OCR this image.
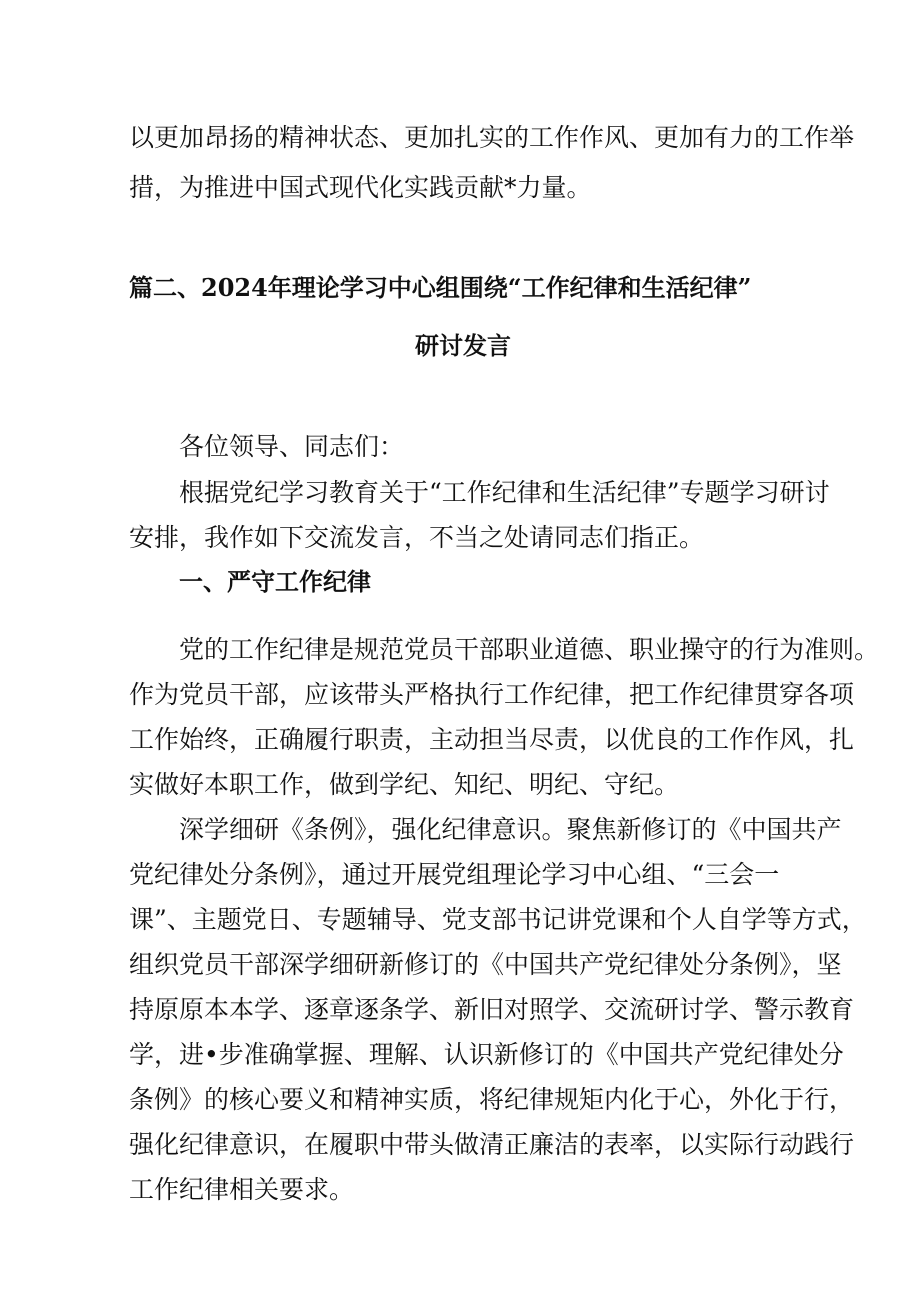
以更加昂扬的精神状态、更加扎实的工作作风、更加有力的工作举
措，为推进中国式现代化实践贡献*力量。
篇二、2024年理论学习中心组围绕“工作纪律和生活纪律”
研讨发言
各位领导、同志们：
根据党纪学习教育关于“工作纪律和生活纪律”专题学习研讨
安排，我作如下交流发言，不当之处请同志们指正。
一、严守工作纪律
党的工作纪律是规范党员干部职业道德、职业操守的行为准则。
作为党员干部，应该带头严格执行工作纪律，把工作纪律贯穿各项
工作始终，正确履行职责，主动担当尽责，以优良的工作作风，扎
实做好本职工作，做到学纪、知纪、明纪、守纪。
深学细研《条例》，强化纪律意识。聚焦新修订的《中国共产
党纪律处分条例》，通过开展党组理论学习中心组、“三会一
课”、主题党日、专题辅导、党支部书记讲党课和个人自学等方式，
组织党员干部深学细研新修订的《中国共产党纪律处分条例》，坚
持原原本本学、逐章逐条学、新旧对照学、交流研讨学、警示教育
学，进•步准确掌握、理解、认识新修订的《中国共产党纪律处分
条例》的核心要义和精神实质，将纪律规矩内化于心，外化于行，
强化纪律意识，在履职中带头做清正廉洁的表率，以实际行动践行
工作纪律相关要求。
